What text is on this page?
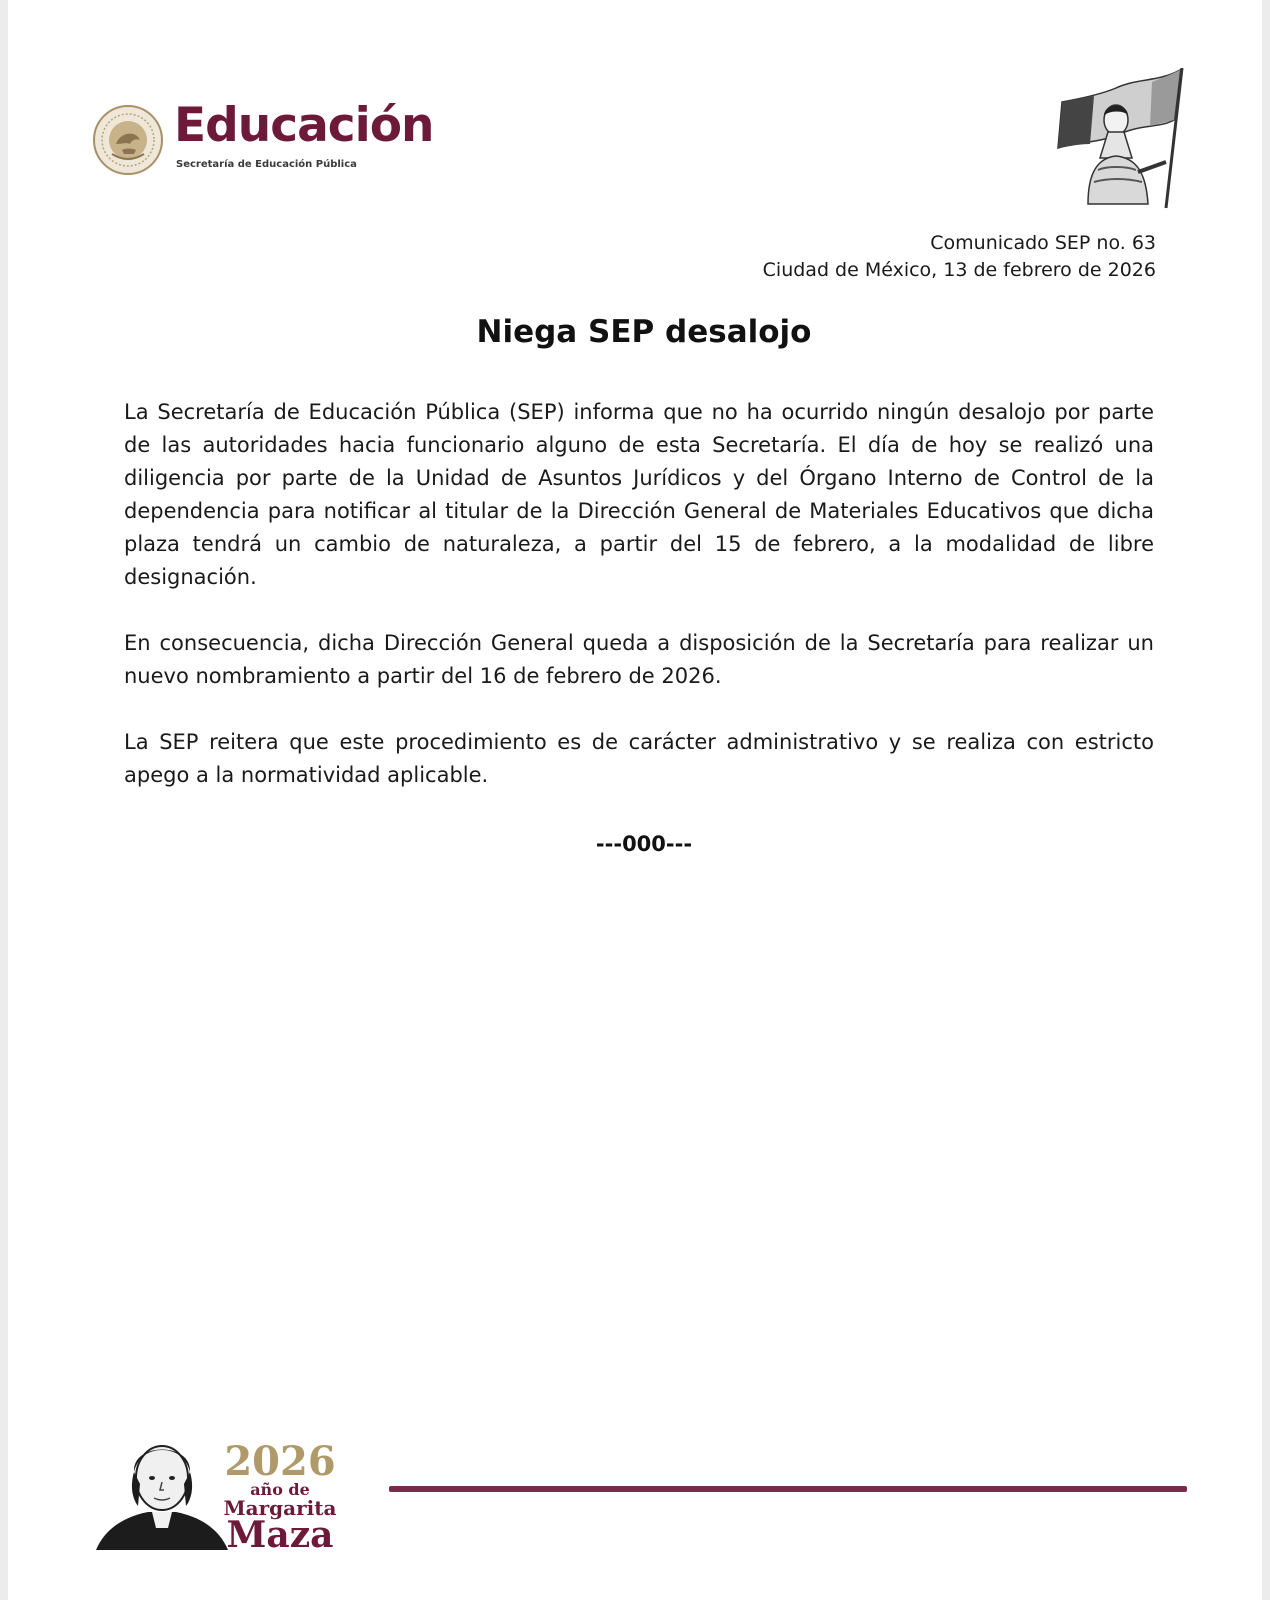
Educación
Secretaría de Educación Pública
Comunicado SEP no. 63
Ciudad de México, 13 de febrero de 2026
Niega SEP desalojo

La Secretaría de Educación Pública (SEP) informa que no ha ocurrido ningún desalojo por parte de las autoridades hacia funcionario alguno de esta Secretaría. El día de hoy se realizó una diligencia por parte de la Unidad de Asuntos Jurídicos y del Órgano Interno de Control de la dependencia para notificar al titular de la Dirección General de Materiales Educativos que dicha plaza tendrá un cambio de naturaleza, a partir del 15 de febrero, a la modalidad de libre designación.

En consecuencia, dicha Dirección General queda a disposición de la Secretaría para realizar un nuevo nombramiento a partir del 16 de febrero de 2026.

La SEP reitera que este procedimiento es de carácter administrativo y se realiza con estricto apego a la normatividad aplicable.

---000---
2026
año de
Margarita
Maza
